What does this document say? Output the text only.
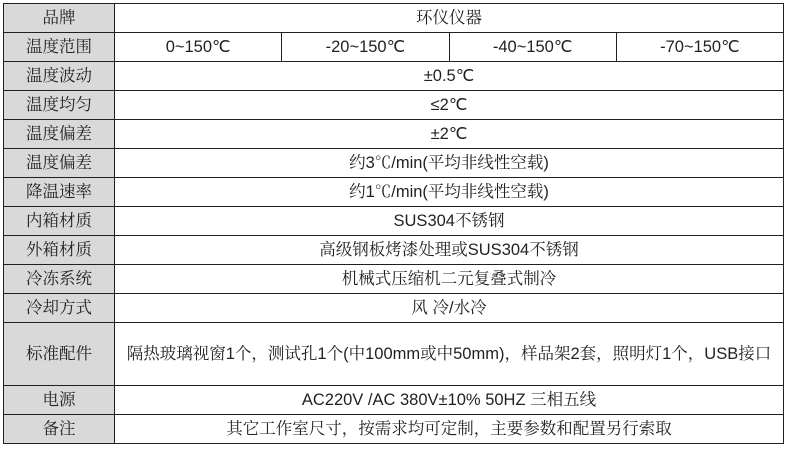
品牌	环仪仪器			
温度范围	0~150℃	-20~150℃	-40~150℃	-70~150℃
温度波动	±0.5℃			
温度均匀	≤2℃			
温度偏差	±2℃			
温度偏差	约3℃/min(平均非线性空载)			
降温速率	约1℃/min(平均非线性空载)			
内箱材质	SUS304不锈钢			
外箱材质	高级钢板烤漆处理或SUS304不锈钢			
冷冻系统	机械式压缩机二元复叠式制冷			
冷却方式	风 冷/水冷			
标准配件	隔热玻璃视窗1个，测试孔1个(中100mm或中50mm)，样品架2套，照明灯1个，USB接口			
电源	AC220V /AC 380V±10% 50HZ 三相五线			
备注	其它工作室尺寸，按需求均可定制，主要参数和配置另行索取			
